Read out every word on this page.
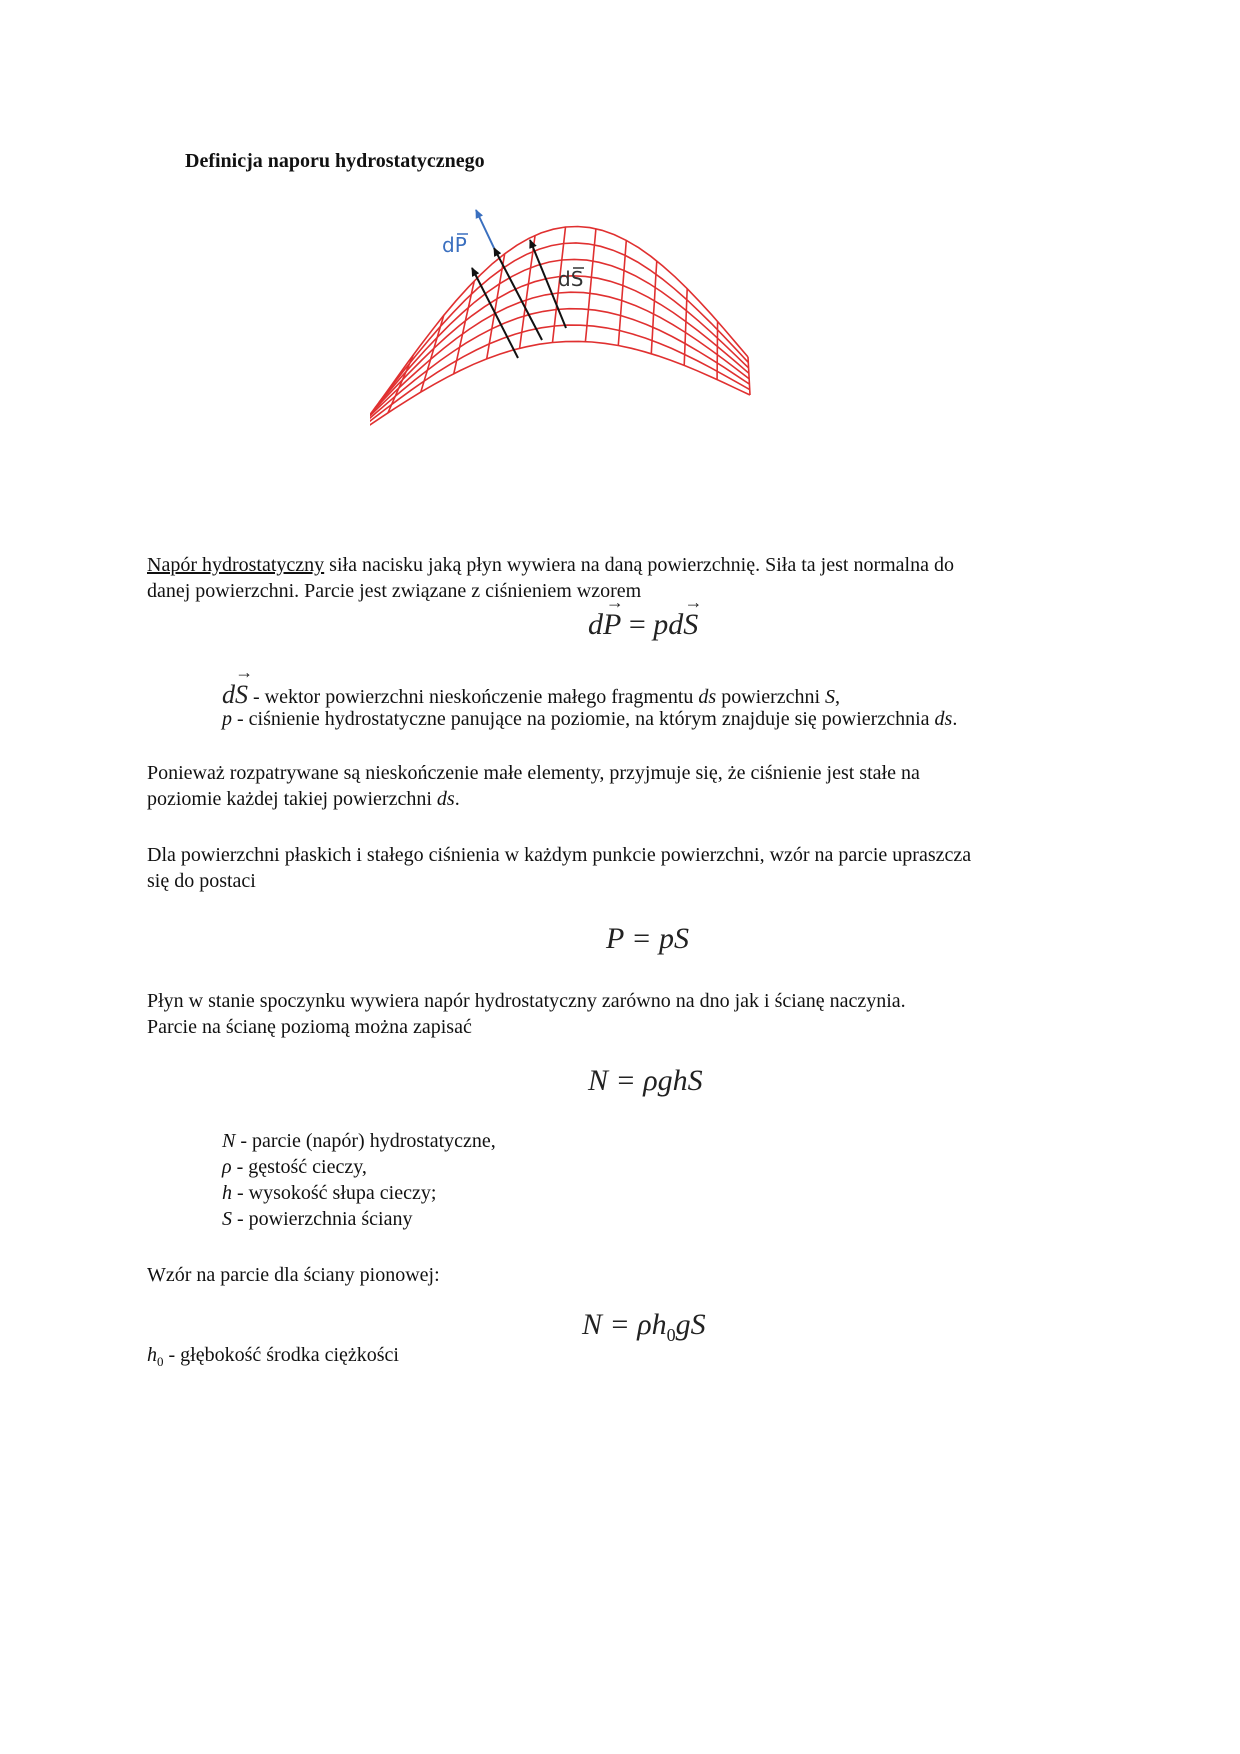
Definicja naporu hydrostatycznego
dP
dS
Napór hydrostatyczny siła nacisku jaką płyn wywiera na daną powierzchnię. Siła ta jest normalna do
danej powierzchni. Parcie jest związane z ciśnieniem wzorem
d→ P = pd→ S
d→ S - wektor powierzchni nieskończenie małego fragmentu ds powierzchni S,
p - ciśnienie hydrostatyczne panujące na poziomie, na którym znajduje się powierzchnia ds.
Ponieważ rozpatrywane są nieskończenie małe elementy, przyjmuje się, że ciśnienie jest stałe na
poziomie każdej takiej powierzchni ds.
Dla powierzchni płaskich i stałego ciśnienia w każdym punkcie powierzchni, wzór na parcie upraszcza
się do postaci
P = pS
Płyn w stanie spoczynku wywiera napór hydrostatyczny zarówno na dno jak i ścianę naczynia.
Parcie na ścianę poziomą można zapisać
N = ρghS
N - parcie (napór) hydrostatyczne,
ρ - gęstość cieczy,
h - wysokość słupa cieczy;
S - powierzchnia ściany
Wzór na parcie dla ściany pionowej:
$N = \rho h_0gS$
$h_0$ - głębokość środka ciężkości
